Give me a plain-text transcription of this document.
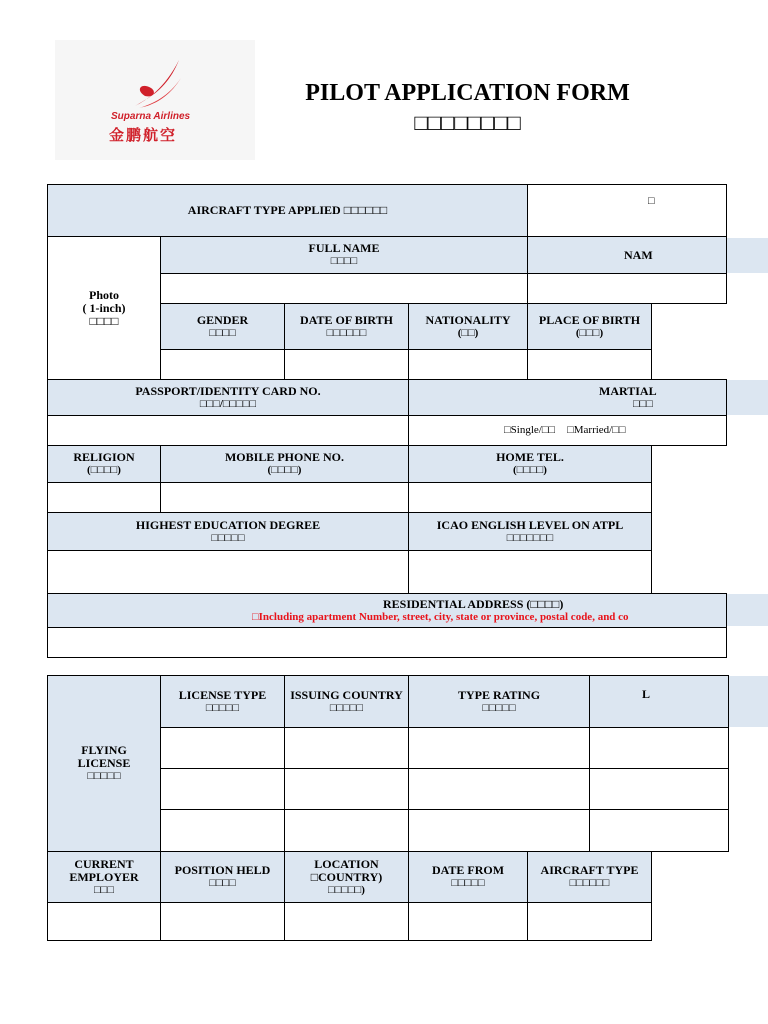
Suparna Airlines
金鹏航空
PILOT APPLICATION FORM
□□□□□□□□
AIRCRAFT TYPE APPLIED □□□□□□
□
Photo
( 1-inch)
□□□□
FULL NAME
□□□□	NAM
GENDER
□□□□
DATE OF BIRTH
□□□□□□
NATIONALITY
(□□)
PLACE OF BIRTH
(□□□)
PASSPORT/IDENTITY CARD NO.
□□□/□□□□□
MARTIAL
□□□
□Single/□□ □Married/□□
RELIGION
(□□□□)
MOBILE PHONE NO.
(□□□□)
HOME TEL.
(□□□□)
HIGHEST EDUCATION DEGREE
□□□□□
ICAO ENGLISH LEVEL ON ATPL
□□□□□□□
RESIDENTIAL ADDRESS (□□□□)
□Including apartment Number, street, city, state or province, postal code, and co
FLYING
LICENSE
□□□□□
LICENSE TYPE
□□□□□
ISSUING COUNTRY
□□□□□
TYPE RATING
□□□□□
L
CURRENT
EMPLOYER
□□□
POSITION HELD
□□□□
LOCATION
□COUNTRY)
□□□□□)
DATE FROM
□□□□□
AIRCRAFT TYPE
□□□□□□
